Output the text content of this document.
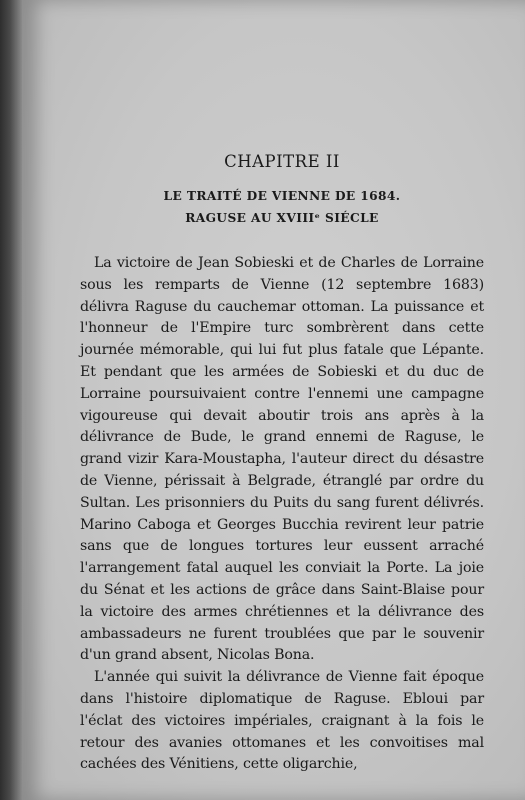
CHAPITRE II
LE TRAITÉ DE VIENNE DE 1684.
RAGUSE AU XVIIIᵉ SIÉCLE

La victoire de Jean Sobieski et de Charles de Lorraine sous les remparts de Vienne (12 septembre 1683) délivra Raguse du cauchemar ottoman. La puissance et l'honneur de l'Empire turc sombrèrent dans cette journée mémorable, qui lui fut plus fatale que Lépante. Et pendant que les armées de Sobieski et du duc de Lorraine poursuivaient contre l'ennemi une campagne vigoureuse qui devait aboutir trois ans après à la délivrance de Bude, le grand ennemi de Raguse, le grand vizir Kara-Moustapha, l'auteur direct du désastre de Vienne, périssait à Belgrade, étranglé par ordre du Sultan. Les prisonniers du Puits du sang furent délivrés. Marino Caboga et Georges Bucchia revirent leur patrie sans que de longues tortures leur eussent arraché l'arrangement fatal auquel les conviait la Porte. La joie du Sénat et les actions de grâce dans Saint-Blaise pour la victoire des armes chrétiennes et la délivrance des ambassadeurs ne furent troublées que par le souvenir d'un grand absent, Nicolas Bona.

L'année qui suivit la délivrance de Vienne fait époque dans l'histoire diplomatique de Raguse. Ebloui par l'éclat des victoires impériales, craignant à la fois le retour des avanies ottomanes et les convoitises mal cachées des Vénitiens, cette oligarchie,
